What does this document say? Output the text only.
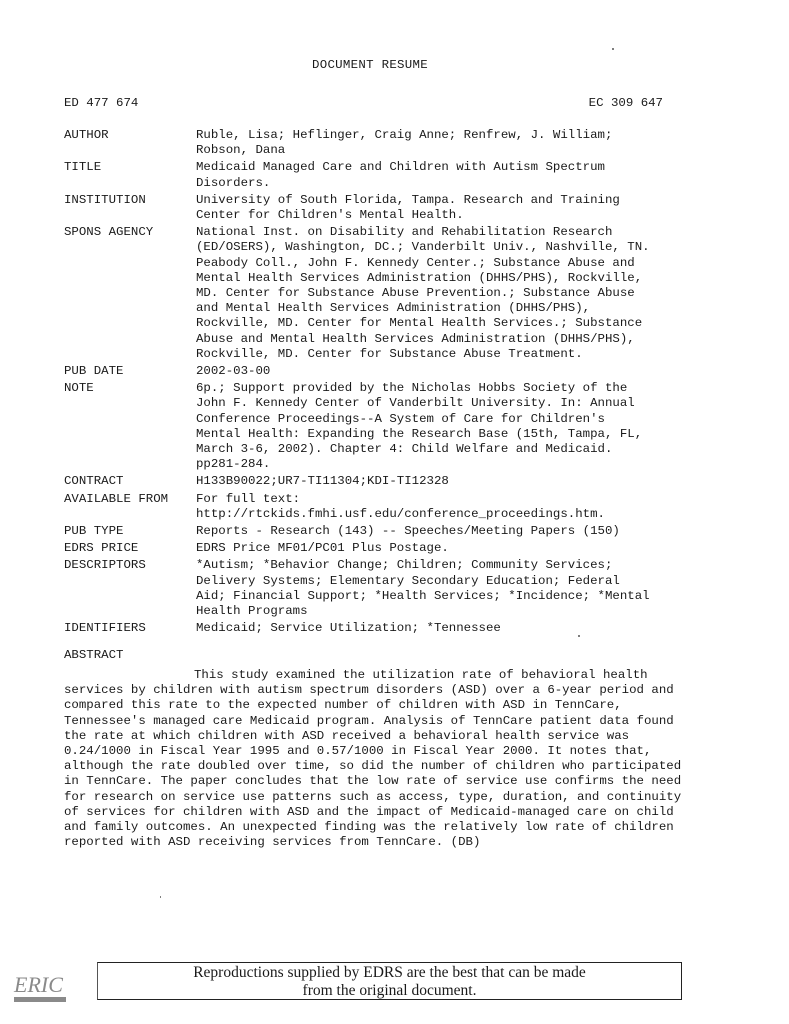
DOCUMENT RESUME
ED 477 674	EC 309 647
AUTHOR	Ruble, Lisa; Heflinger, Craig Anne; Renfrew, J. William;
Robson, Dana
TITLE	Medicaid Managed Care and Children with Autism Spectrum
Disorders.
INSTITUTION	University of South Florida, Tampa. Research and Training
Center for Children's Mental Health.
SPONS AGENCY	National Inst. on Disability and Rehabilitation Research
(ED/OSERS), Washington, DC.; Vanderbilt Univ., Nashville, TN.
Peabody Coll., John F. Kennedy Center.; Substance Abuse and
Mental Health Services Administration (DHHS/PHS), Rockville,
MD. Center for Substance Abuse Prevention.; Substance Abuse
and Mental Health Services Administration (DHHS/PHS),
Rockville, MD. Center for Mental Health Services.; Substance
Abuse and Mental Health Services Administration (DHHS/PHS),
Rockville, MD. Center for Substance Abuse Treatment.
PUB DATE	2002-03-00
NOTE	6p.; Support provided by the Nicholas Hobbs Society of the
John F. Kennedy Center of Vanderbilt University. In: Annual
Conference Proceedings--A System of Care for Children's
Mental Health: Expanding the Research Base (15th, Tampa, FL,
March 3-6, 2002). Chapter 4: Child Welfare and Medicaid.
pp281-284.
CONTRACT	H133B90022;UR7-TI11304;KDI-TI12328
AVAILABLE FROM	For full text:
http://rtckids.fmhi.usf.edu/conference_proceedings.htm.
PUB TYPE	Reports - Research (143) -- Speeches/Meeting Papers (150)
EDRS PRICE	EDRS Price MF01/PC01 Plus Postage.
DESCRIPTORS	*Autism; *Behavior Change; Children; Community Services;
Delivery Systems; Elementary Secondary Education; Federal
Aid; Financial Support; *Health Services; *Incidence; *Mental
Health Programs
IDENTIFIERS	Medicaid; Service Utilization; *Tennessee
ABSTRACT
This study examined the utilization rate of behavioral health services by children with autism spectrum disorders (ASD) over a 6-year period and compared this rate to the expected number of children with ASD in TennCare, Tennessee's managed care Medicaid program. Analysis of TennCare patient data found the rate at which children with ASD received a behavioral health service was 0.24/1000 in Fiscal Year 1995 and 0.57/1000 in Fiscal Year 2000. It notes that, although the rate doubled over time, so did the number of children who participated in TennCare. The paper concludes that the low rate of service use confirms the need for research on service use patterns such as access, type, duration, and continuity of services for children with ASD and the impact of Medicaid-managed care on child and family outcomes. An unexpected finding was the relatively low rate of children reported with ASD receiving services from TennCare. (DB)
ERIC	Reproductions supplied by EDRS are the best that can be made
from the original document.
